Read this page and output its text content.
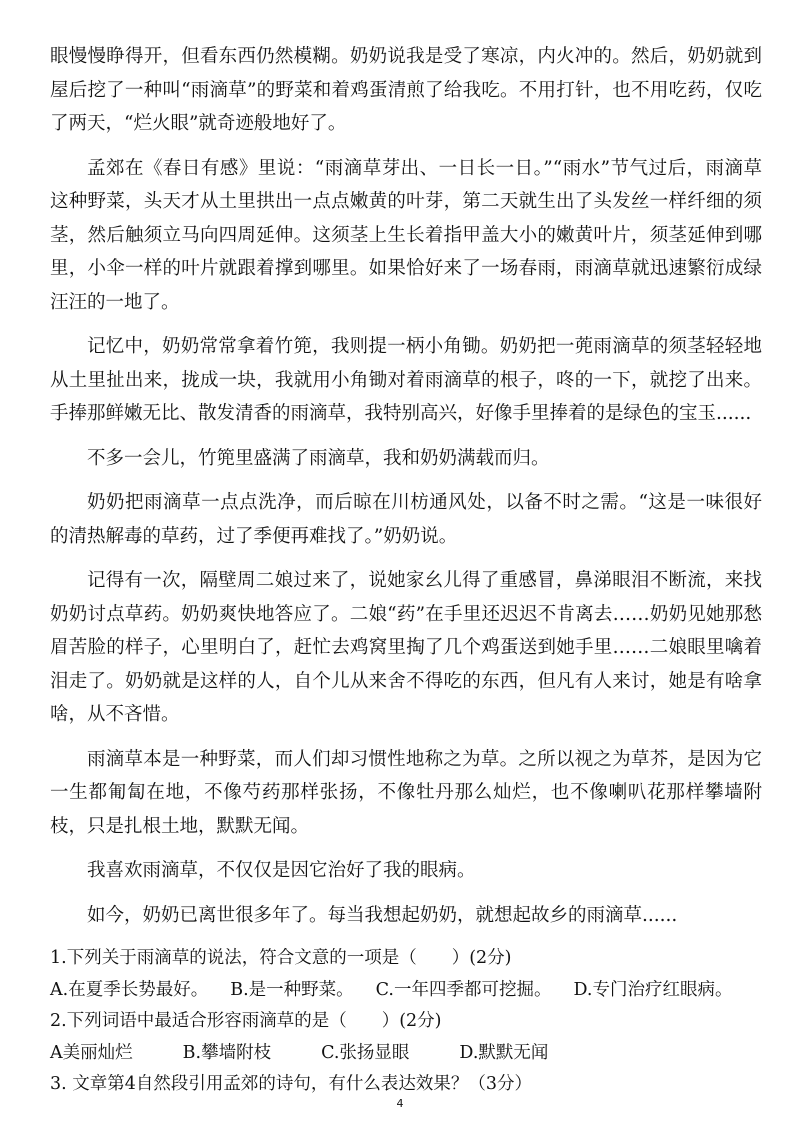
眼慢慢睁得开，但看东西仍然模糊。奶奶说我是受了寒凉，内火冲的。然后，奶奶就到屋后挖了一种叫“雨滴草”的野菜和着鸡蛋清煎了给我吃。不用打针，也不用吃药，仅吃了两天，“烂火眼”就奇迹般地好了。

孟郊在《春日有感》里说：“雨滴草芽出、一日长一日。”“雨水”节气过后，雨滴草这种野菜，头天才从土里拱出一点点嫩黄的叶芽，第二天就生出了头发丝一样纤细的须茎，然后触须立马向四周延伸。这须茎上生长着指甲盖大小的嫩黄叶片，须茎延伸到哪里，小伞一样的叶片就跟着撑到哪里。如果恰好来了一场春雨，雨滴草就迅速繁衍成绿汪汪的一地了。

记忆中，奶奶常常拿着竹篼，我则提一柄小角锄。奶奶把一蔸雨滴草的须茎轻轻地从土里扯出来，拢成一块，我就用小角锄对着雨滴草的根子，咚的一下，就挖了出来。手捧那鲜嫩无比、散发清香的雨滴草，我特别高兴，好像手里捧着的是绿色的宝玉......

不多一会儿，竹篼里盛满了雨滴草，我和奶奶满载而归。

奶奶把雨滴草一点点洗净，而后晾在川枋通风处，以备不时之需。“这是一味很好的清热解毒的草药，过了季便再难找了。”奶奶说。

记得有一次，隔壁周二娘过来了，说她家幺儿得了重感冒，鼻涕眼泪不断流，来找奶奶讨点草药。奶奶爽快地答应了。二娘“药”在手里还迟迟不肯离去……奶奶见她那愁眉苦脸的样子，心里明白了，赶忙去鸡窝里掏了几个鸡蛋送到她手里……二娘眼里噙着泪走了。奶奶就是这样的人，自个儿从来舍不得吃的东西，但凡有人来讨，她是有啥拿啥，从不吝惜。

雨滴草本是一种野菜，而人们却习惯性地称之为草。之所以视之为草芥，是因为它一生都匍匐在地，不像芍药那样张扬，不像牡丹那么灿烂，也不像喇叭花那样攀墙附枝，只是扎根土地，默默无闻。

我喜欢雨滴草，不仅仅是因它治好了我的眼病。

如今，奶奶已离世很多年了。每当我想起奶奶，就想起故乡的雨滴草......

1.下列关于雨滴草的说法，符合文意的一项是（　　）(2分)

A.在夏季长势最好。 B.是一种野菜。 C.一年四季都可挖掘。 D.专门治疗红眼病。

2.下列词语中最适合形容雨滴草的是（　　）(2分)

A美丽灿烂	B.攀墙附枝	C.张扬显眼	D.默默无闻

3. 文章第4自然段引用孟郊的诗句，有什么表达效果？（3分）

4
